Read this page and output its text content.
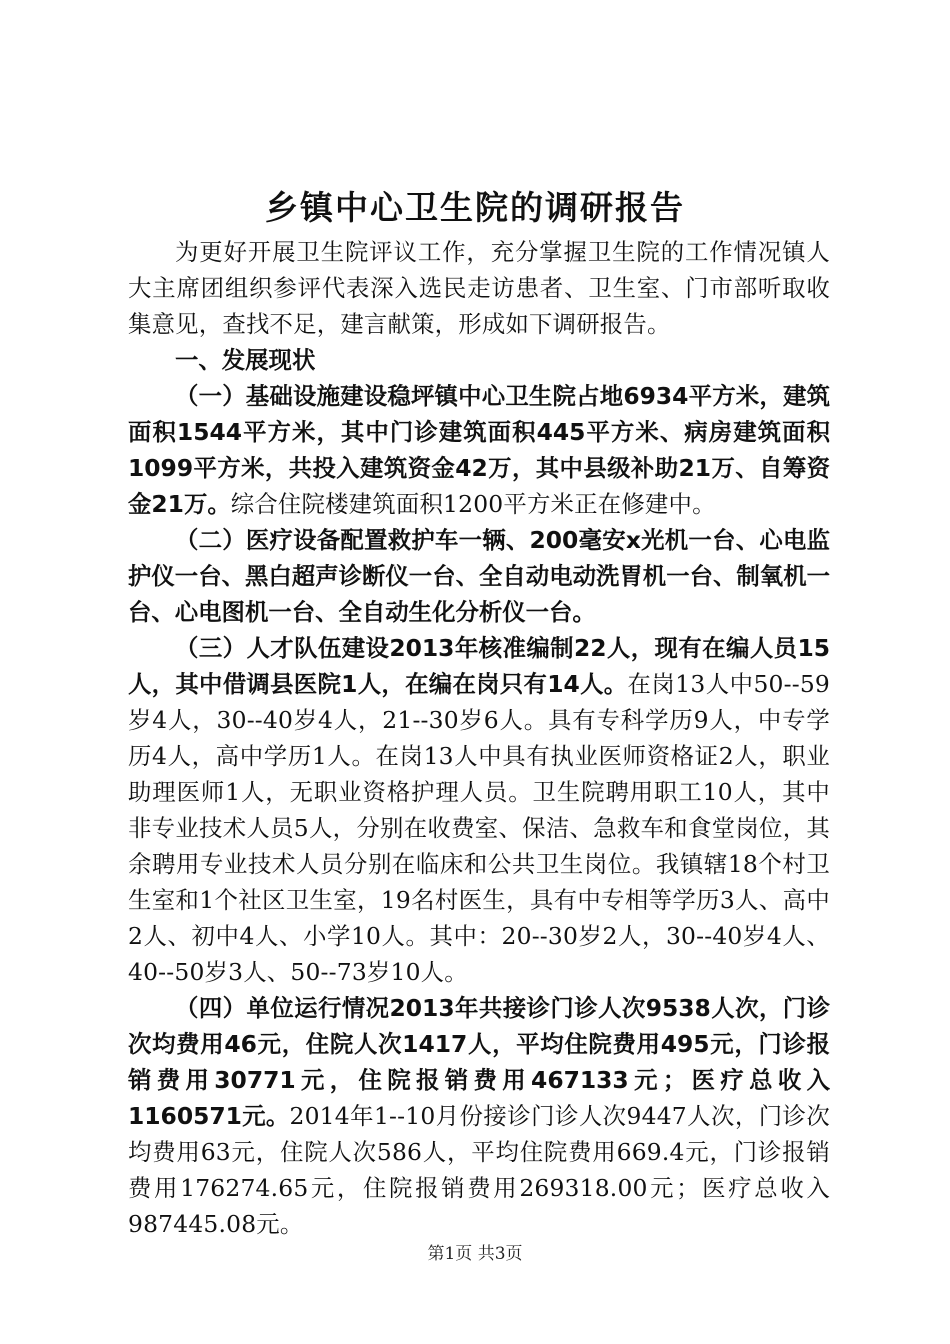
乡镇中心卫生院的调研报告

为更好开展卫生院评议工作，充分掌握卫生院的工作情况镇人大主席团组织参评代表深入选民走访患者、卫生室、门市部听取收集意见，查找不足，建言献策，形成如下调研报告。

一、发展现状

（一）基础设施建设稳坪镇中心卫生院占地6934平方米，建筑面积1544平方米，其中门诊建筑面积445平方米、病房建筑面积1099平方米，共投入建筑资金42万，其中县级补助21万、自筹资金21万。综合住院楼建筑面积1200平方米正在修建中。

（二）医疗设备配置救护车一辆、200毫安x光机一台、心电监护仪一台、黑白超声诊断仪一台、全自动电动洗胃机一台、制氧机一台、心电图机一台、全自动生化分析仪一台。

（三）人才队伍建设2013年核准编制22人，现有在编人员15人，其中借调县医院1人，在编在岗只有14人。在岗13人中50--59岁4人，30--40岁4人，21--30岁6人。具有专科学历9人，中专学历4人，高中学历1人。在岗13人中具有执业医师资格证2人，职业助理医师1人，无职业资格护理人员。卫生院聘用职工10人，其中非专业技术人员5人，分别在收费室、保洁、急救车和食堂岗位，其余聘用专业技术人员分别在临床和公共卫生岗位。我镇辖18个村卫生室和1个社区卫生室，19名村医生，具有中专相等学历3人、高中2人、初中4人、小学10人。其中：20--30岁2人，30--40岁4人、40--50岁3人、50--73岁10人。

（四）单位运行情况2013年共接诊门诊人次9538人次，门诊次均费用46元，住院人次1417人，平均住院费用495元，门诊报销费用30771元，住院报销费用467133元；医疗总收入1160571元。2014年1--10月份接诊门诊人次9447人次，门诊次均费用63元，住院人次586人，平均住院费用669.4元，门诊报销费用176274.65元，住院报销费用269318.00元；医疗总收入987445.08元。

第1页 共3页
